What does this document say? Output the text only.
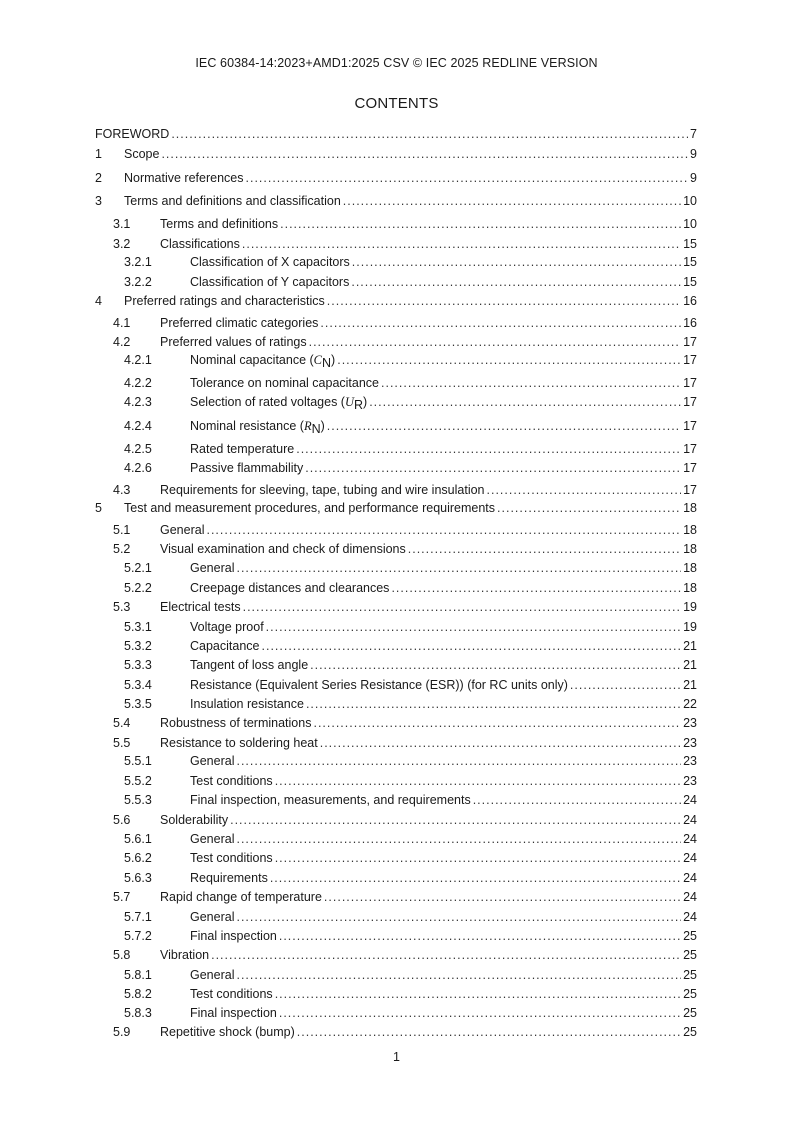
IEC 60384-14:2023+AMD1:2025 CSV © IEC 2025 REDLINE VERSION
CONTENTS
FOREWORD .....	7
1 Scope .....	9
2 Normative references .....	9
3 Terms and definitions and classification .....	10
3.1 Terms and definitions .....	10
3.2 Classifications .....	15
3.2.1	Classification of X capacitors .....	15
3.2.2	Classification of Y capacitors .....	15
4 Preferred ratings and characteristics .....	16
4.1 Preferred climatic categories .....	16
4.2 Preferred values of ratings .....	17
4.2.1	Nominal capacitance (CN) .....	17
4.2.2	Tolerance on nominal capacitance .....	17
4.2.3	Selection of rated voltages (UR) .....	17
4.2.4	Nominal resistance (RN) .....	17
4.2.5	Rated temperature .....	17
4.2.6	Passive flammability .....	17
4.3 Requirements for sleeving, tape, tubing and wire insulation .....	17
5 Test and measurement procedures, and performance requirements .....	18
5.1 General .....	18
5.2 Visual examination and check of dimensions .....	18
5.2.1	General .....	18
5.2.2	Creepage distances and clearances .....	18
5.3 Electrical tests .....	19
5.3.1	Voltage proof .....	19
5.3.2	Capacitance .....	21
5.3.3	Tangent of loss angle .....	21
5.3.4	Resistance (Equivalent Series Resistance (ESR)) (for RC units only) .....	21
5.3.5	Insulation resistance .....	22
5.4 Robustness of terminations .....	23
5.5 Resistance to soldering heat .....	23
5.5.1	General .....	23
5.5.2	Test conditions .....	23
5.5.3	Final inspection, measurements, and requirements .....	24
5.6 Solderability .....	24
5.6.1	General .....	24
5.6.2	Test conditions .....	24
5.6.3	Requirements .....	24
5.7 Rapid change of temperature .....	24
5.7.1	General .....	24
5.7.2	Final inspection .....	25
5.8 Vibration .....	25
5.8.1	General .....	25
5.8.2	Test conditions .....	25
5.8.3	Final inspection .....	25
5.9 Repetitive shock (bump) .....	25
1
